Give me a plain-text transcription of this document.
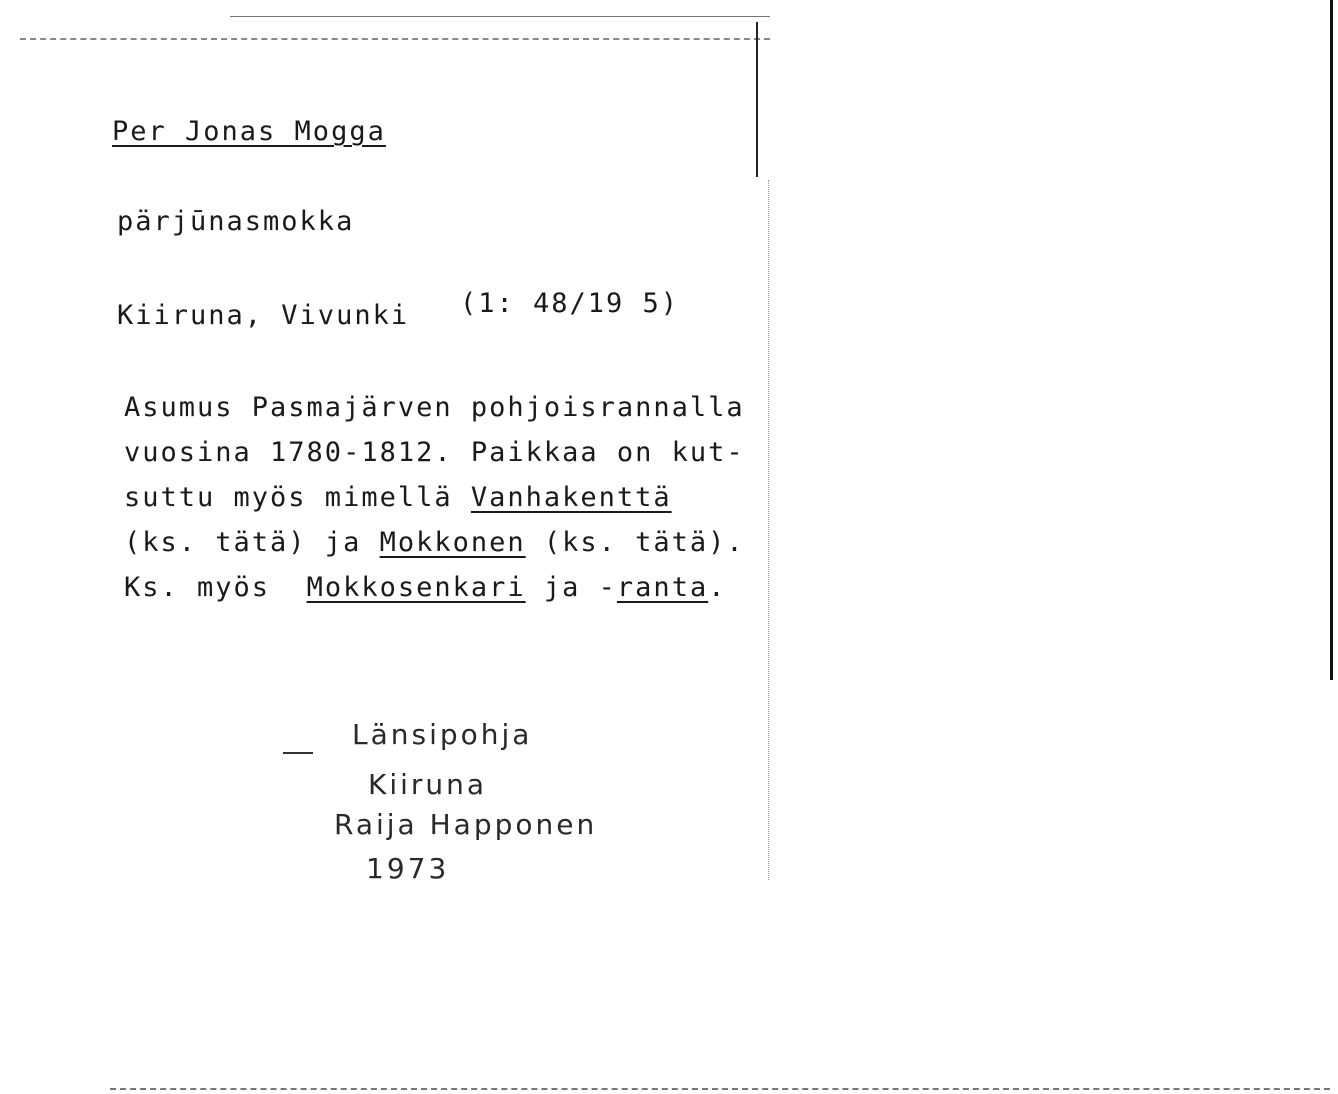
Per Jonas Mogga
pärjūnasmokka
Kiiruna, Vivunki (1: 48/19 5)
Asumus Pasmajärven pohjoisrannalla
vuosina 1780-1812. Paikkaa on kut-
suttu myös mimellä Vanhakenttä
(ks. tätä) ja Mokkonen (ks. tätä).
Ks. myös  Mokkosenkari ja -ranta.
Länsipohja
Kiiruna
Raija Happonen
1973
